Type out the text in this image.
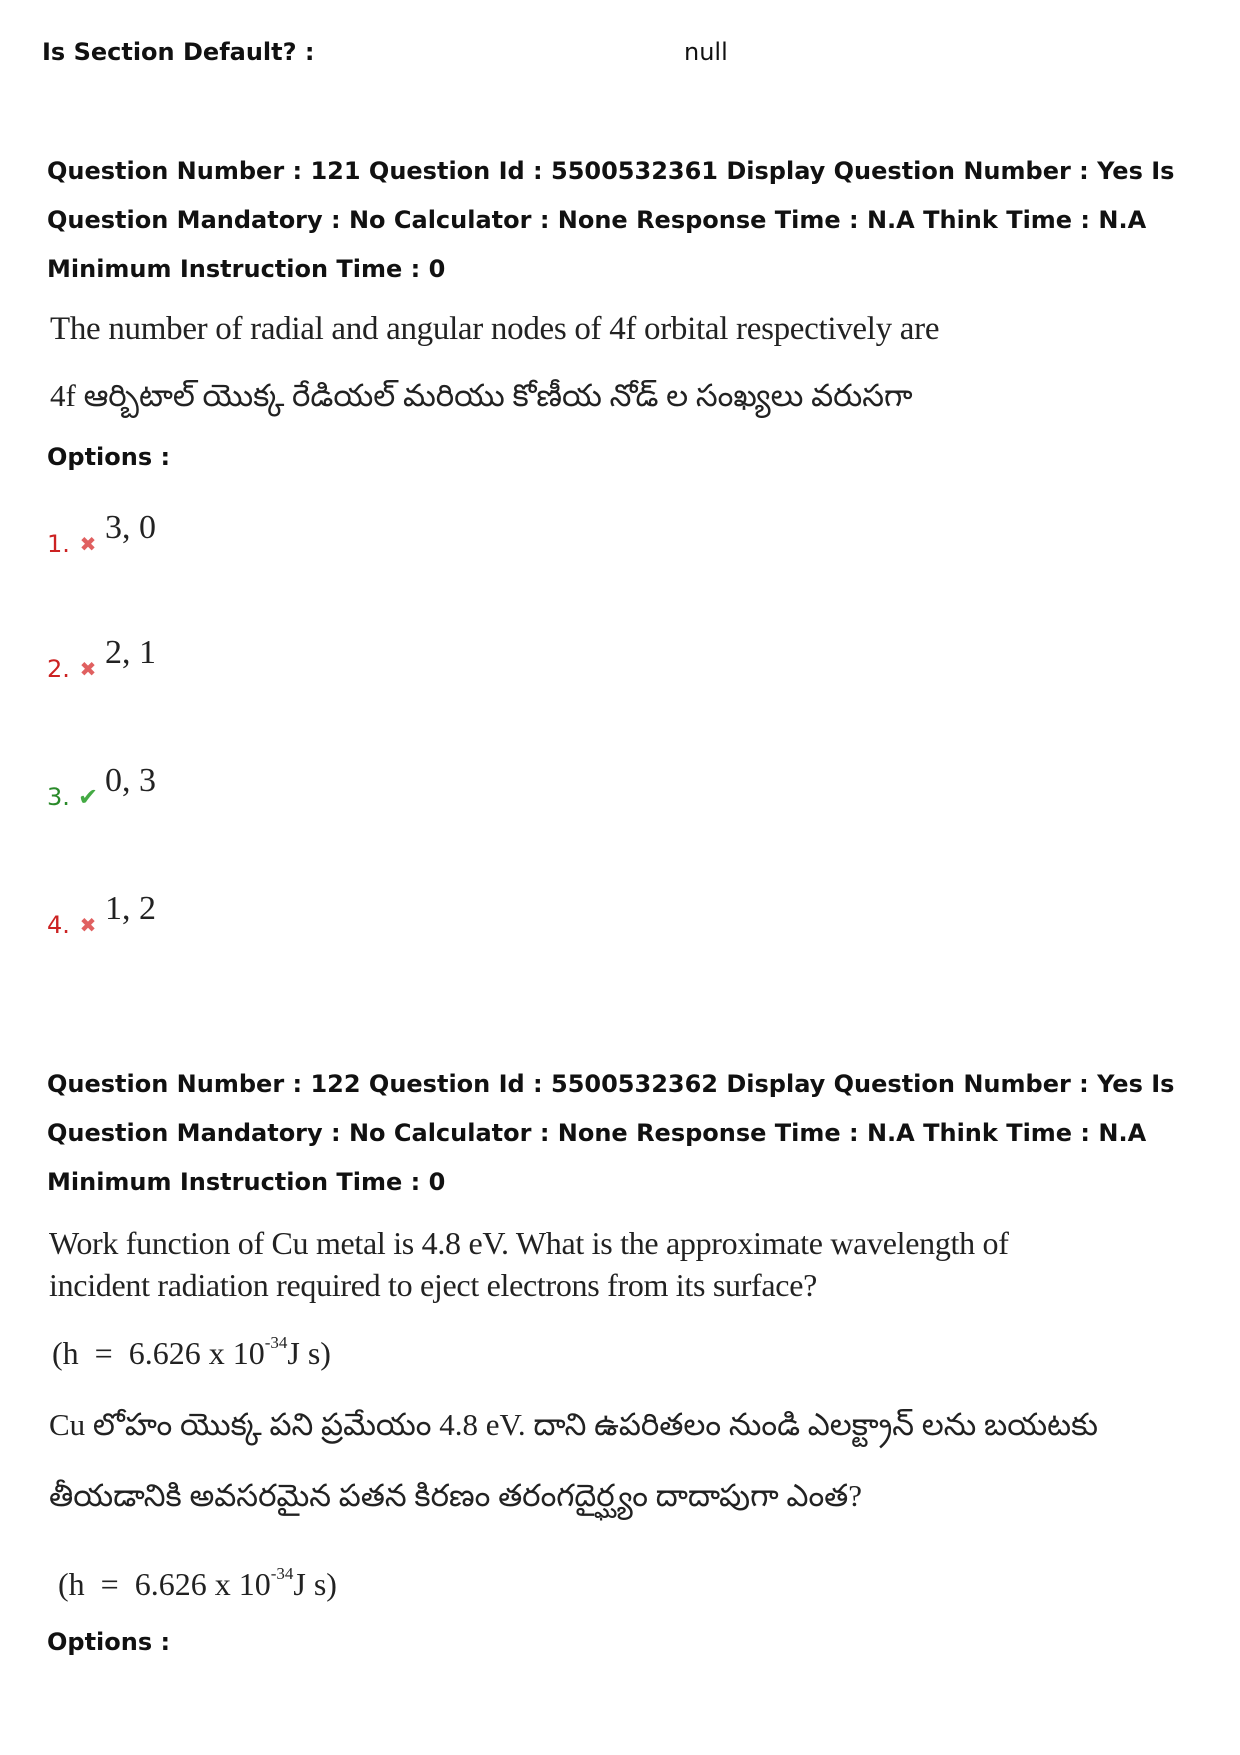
Is Section Default? :	null
Question Number : 121 Question Id : 5500532361 Display Question Number : Yes Is Question Mandatory : No Calculator : None Response Time : N.A Think Time : N.A Minimum Instruction Time : 0
The number of radial and angular nodes of 4f orbital respectively are
4f ఆర్బిటాల్ యొక్క రేడియల్ మరియు కోణీయ నోడ్ ల సంఖ్యలు వరుసగా
Options :
1. ✖ 3, 0
2. ✖ 2, 1
3. ✔ 0, 3
4. ✖ 1, 2
Question Number : 122 Question Id : 5500532362 Display Question Number : Yes Is Question Mandatory : No Calculator : None Response Time : N.A Think Time : N.A Minimum Instruction Time : 0
Work function of Cu metal is 4.8 eV. What is the approximate wavelength of
incident radiation required to eject electrons from its surface?
(h  =  6.626 x $10^{-34}J$ s)
Cu లోహం యొక్క పని ప్రమేయం 4.8 eV. దాని ఉపరితలం నుండి ఎలక్ట్రాన్ లను బయటకు
తీయడానికి అవసరమైన పతన కిరణం తరంగదైర్ఘ్యం దాదాపుగా ఎంత?
(h  =  6.626 x $10^{-34}J$ s)
Options :
